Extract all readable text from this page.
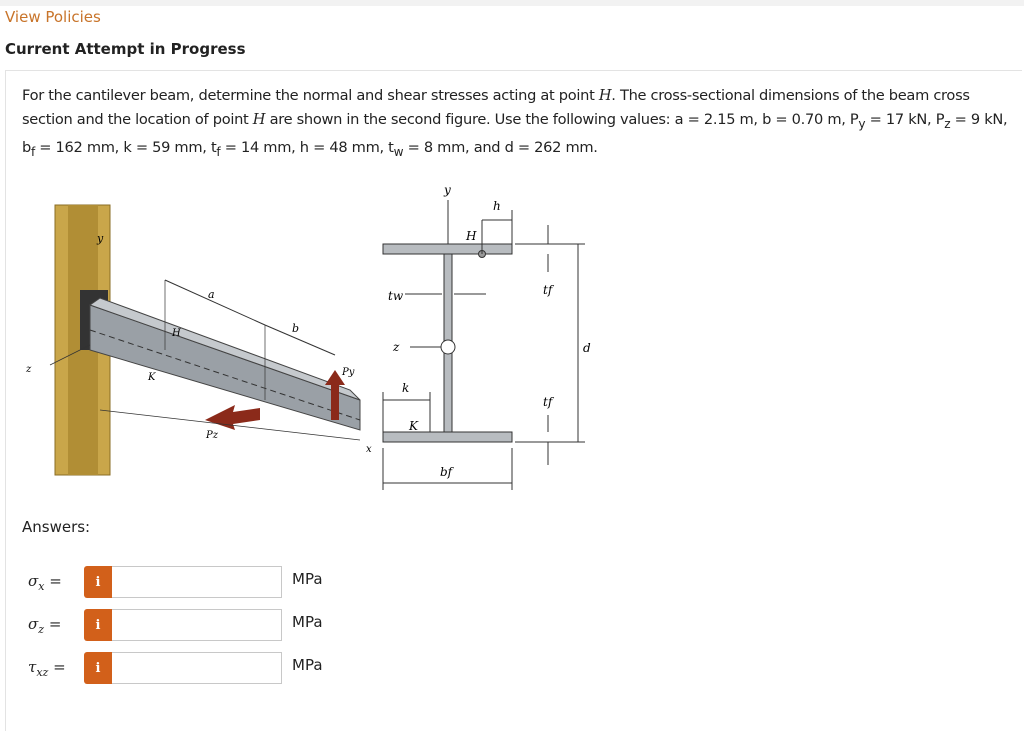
View Policies
Current Attempt in Progress
For the cantilever beam, determine the normal and shear stresses acting at point H. The cross-sectional dimensions of the beam cross section and the location of point H are shown in the second figure. Use the following values: a = 2.15 m, b = 0.70 m, $P_y = 17$ kN, $P_z = 9$ kN, $b_f = 162$ mm, k = 59 mm, $t_f = 14$ mm, h = 48 mm, $t_w = 8$ mm, and d = 262 mm.
y
a
b
H
K	Py
Pz
z
x
y
h
H
tw	tf
z	d
k
K
tf
bf
Answers:
$\sigma_x$ =	i	MPa
$\sigma_z$ =	i	MPa
$\tau_{xz}$ =	i	MPa
